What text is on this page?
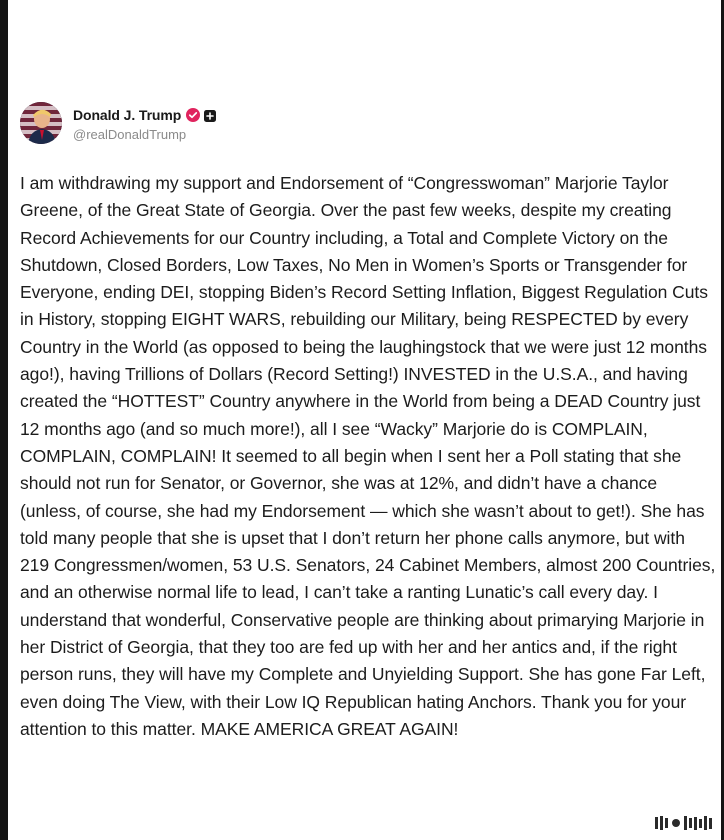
Donald J. Trump
@realDonaldTrump

I am withdrawing my support and Endorsement of “Congresswoman” Marjorie Taylor Greene, of the Great State of Georgia. Over the past few weeks, despite my creating Record Achievements for our Country including, a Total and Complete Victory on the Shutdown, Closed Borders, Low Taxes, No Men in Women’s Sports or Transgender for Everyone, ending DEI, stopping Biden’s Record Setting Inflation, Biggest Regulation Cuts in History, stopping EIGHT WARS, rebuilding our Military, being RESPECTED by every Country in the World (as opposed to being the laughingstock that we were just 12 months ago!), having Trillions of Dollars (Record Setting!) INVESTED in the U.S.A., and having created the “HOTTEST” Country anywhere in the World from being a DEAD Country just 12 months ago (and so much more!), all I see “Wacky” Marjorie do is COMPLAIN, COMPLAIN, COMPLAIN! It seemed to all begin when I sent her a Poll stating that she should not run for Senator, or Governor, she was at 12%, and didn’t have a chance (unless, of course, she had my Endorsement — which she wasn’t about to get!). She has told many people that she is upset that I don’t return her phone calls anymore, but with 219 Congressmen/women, 53 U.S. Senators, 24 Cabinet Members, almost 200 Countries, and an otherwise normal life to lead, I can’t take a ranting Lunatic’s call every day. I understand that wonderful, Conservative people are thinking about primarying Marjorie in her District of Georgia, that they too are fed up with her and her antics and, if the right person runs, they will have my Complete and Unyielding Support. She has gone Far Left, even doing The View, with their Low IQ Republican hating Anchors. Thank you for your attention to this matter. MAKE AMERICA GREAT AGAIN!
